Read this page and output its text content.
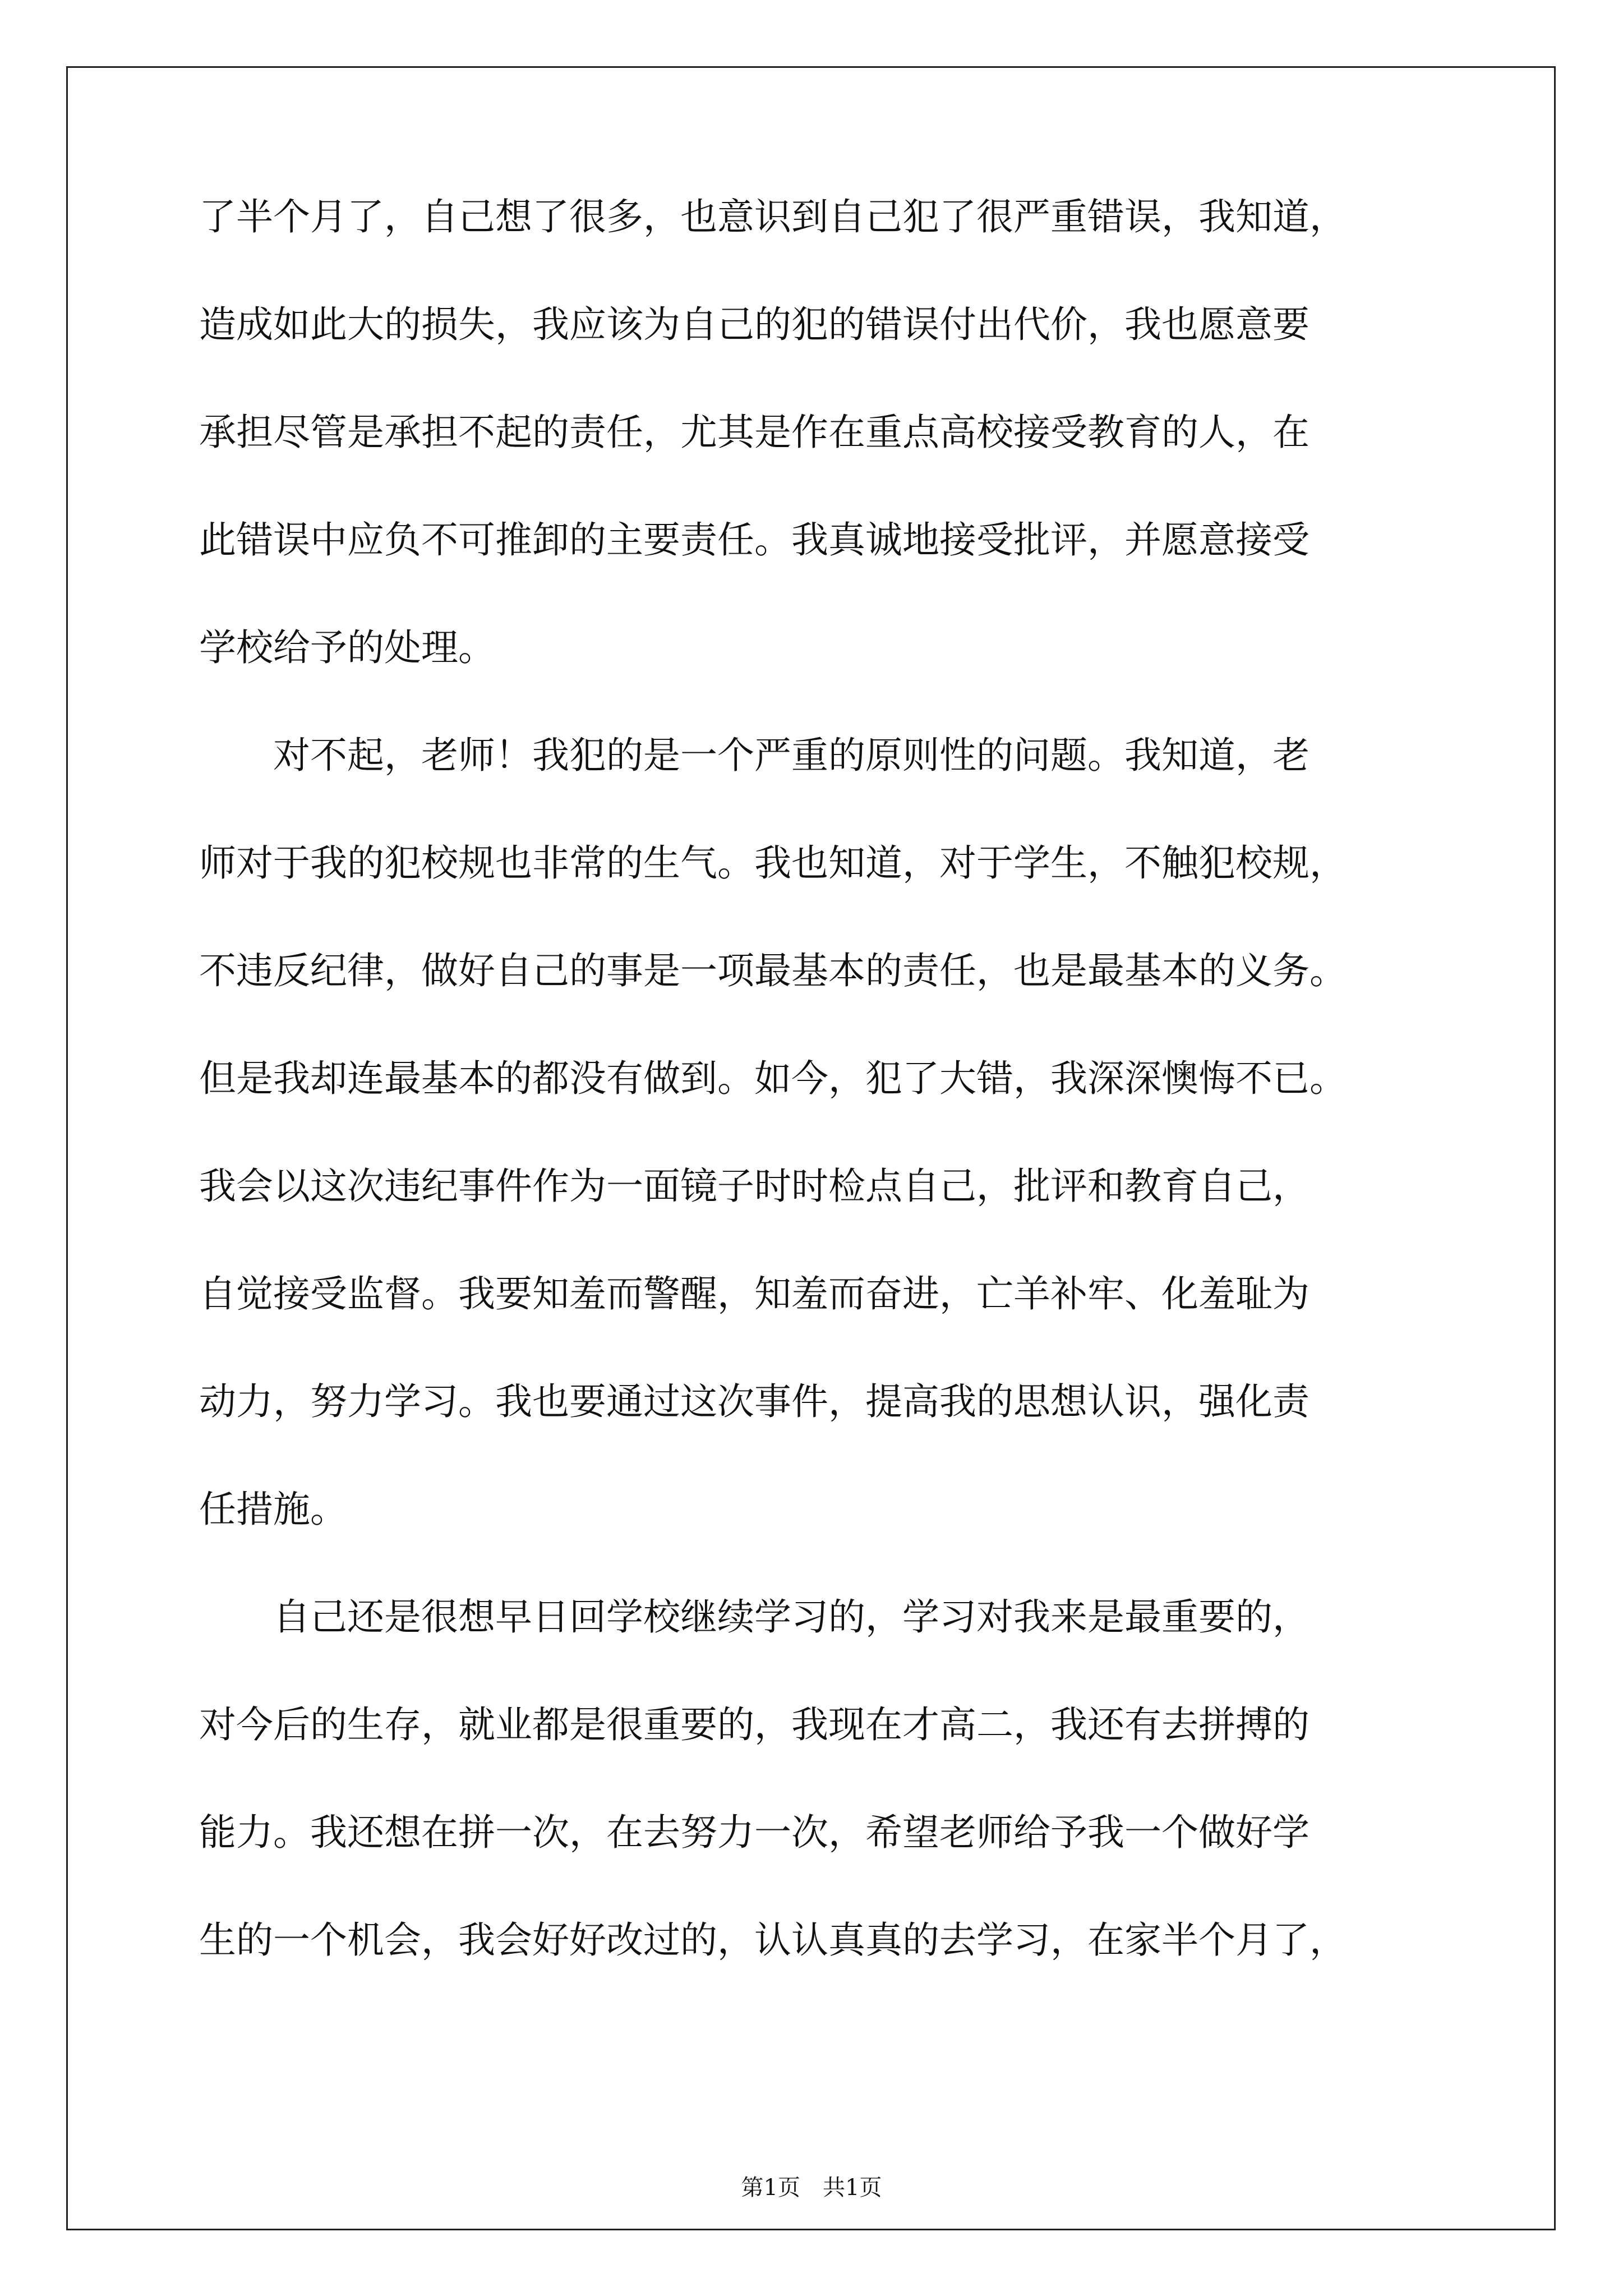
了半个月了，自己想了很多，也意识到自己犯了很严重错误，我知道，
造成如此大的损失，我应该为自己的犯的错误付出代价，我也愿意要
承担尽管是承担不起的责任，尤其是作在重点高校接受教育的人，在
此错误中应负不可推卸的主要责任。我真诚地接受批评，并愿意接受
学校给予的处理。
　　对不起，老师！我犯的是一个严重的原则性的问题。我知道，老
师对于我的犯校规也非常的生气。我也知道，对于学生，不触犯校规，
不违反纪律，做好自己的事是一项最基本的责任，也是最基本的义务。
但是我却连最基本的都没有做到。如今，犯了大错，我深深懊悔不已。
我会以这次违纪事件作为一面镜子时时检点自己，批评和教育自己，
自觉接受监督。我要知羞而警醒，知羞而奋进，亡羊补牢、化羞耻为
动力，努力学习。我也要通过这次事件，提高我的思想认识，强化责
任措施。
　　自己还是很想早日回学校继续学习的，学习对我来是最重要的，
对今后的生存，就业都是很重要的，我现在才高二，我还有去拼搏的
能力。我还想在拼一次，在去努力一次，希望老师给予我一个做好学
生的一个机会，我会好好改过的，认认真真的去学习，在家半个月了，
第1页 共1页
